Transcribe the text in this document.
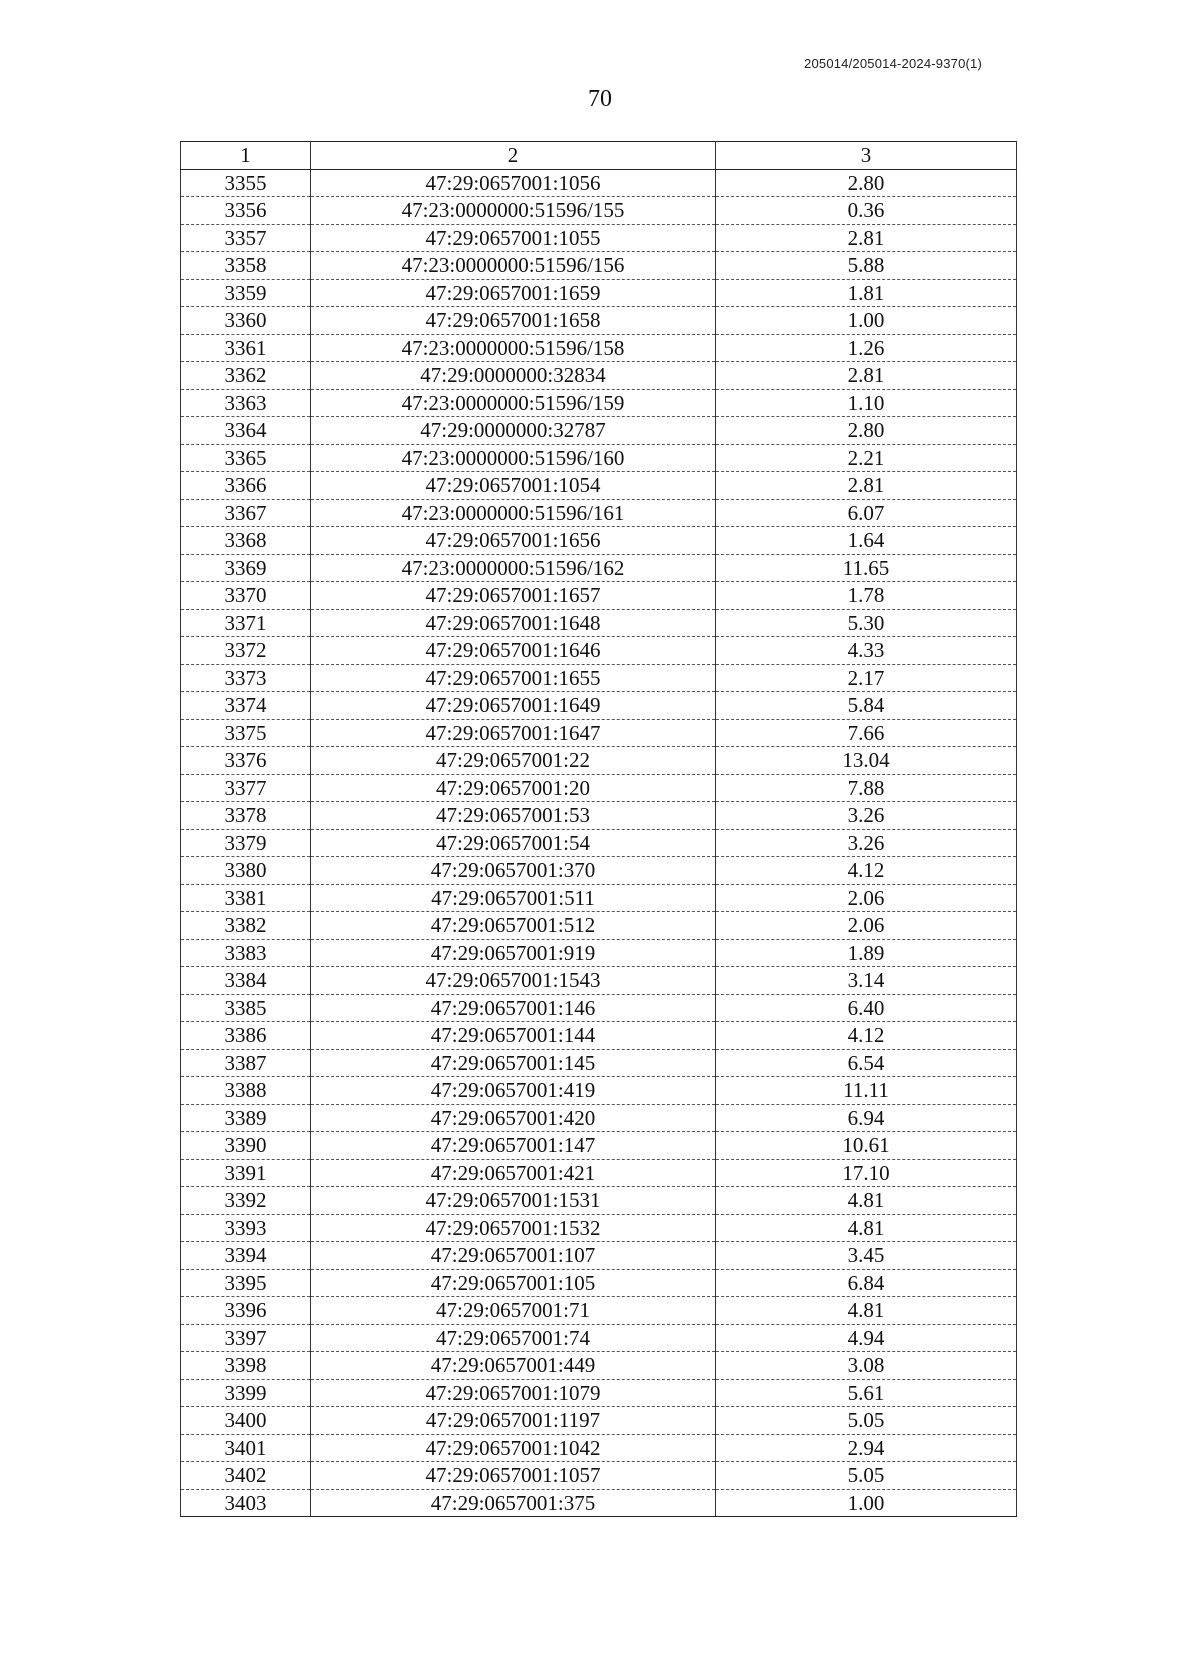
205014/205014-2024-9370(1)
70
1	2	3
3355	47:29:0657001:1056	2.80
3356	47:23:0000000:51596/155	0.36
3357	47:29:0657001:1055	2.81
3358	47:23:0000000:51596/156	5.88
3359	47:29:0657001:1659	1.81
3360	47:29:0657001:1658	1.00
3361	47:23:0000000:51596/158	1.26
3362	47:29:0000000:32834	2.81
3363	47:23:0000000:51596/159	1.10
3364	47:29:0000000:32787	2.80
3365	47:23:0000000:51596/160	2.21
3366	47:29:0657001:1054	2.81
3367	47:23:0000000:51596/161	6.07
3368	47:29:0657001:1656	1.64
3369	47:23:0000000:51596/162	11.65
3370	47:29:0657001:1657	1.78
3371	47:29:0657001:1648	5.30
3372	47:29:0657001:1646	4.33
3373	47:29:0657001:1655	2.17
3374	47:29:0657001:1649	5.84
3375	47:29:0657001:1647	7.66
3376	47:29:0657001:22	13.04
3377	47:29:0657001:20	7.88
3378	47:29:0657001:53	3.26
3379	47:29:0657001:54	3.26
3380	47:29:0657001:370	4.12
3381	47:29:0657001:511	2.06
3382	47:29:0657001:512	2.06
3383	47:29:0657001:919	1.89
3384	47:29:0657001:1543	3.14
3385	47:29:0657001:146	6.40
3386	47:29:0657001:144	4.12
3387	47:29:0657001:145	6.54
3388	47:29:0657001:419	11.11
3389	47:29:0657001:420	6.94
3390	47:29:0657001:147	10.61
3391	47:29:0657001:421	17.10
3392	47:29:0657001:1531	4.81
3393	47:29:0657001:1532	4.81
3394	47:29:0657001:107	3.45
3395	47:29:0657001:105	6.84
3396	47:29:0657001:71	4.81
3397	47:29:0657001:74	4.94
3398	47:29:0657001:449	3.08
3399	47:29:0657001:1079	5.61
3400	47:29:0657001:1197	5.05
3401	47:29:0657001:1042	2.94
3402	47:29:0657001:1057	5.05
3403	47:29:0657001:375	1.00
